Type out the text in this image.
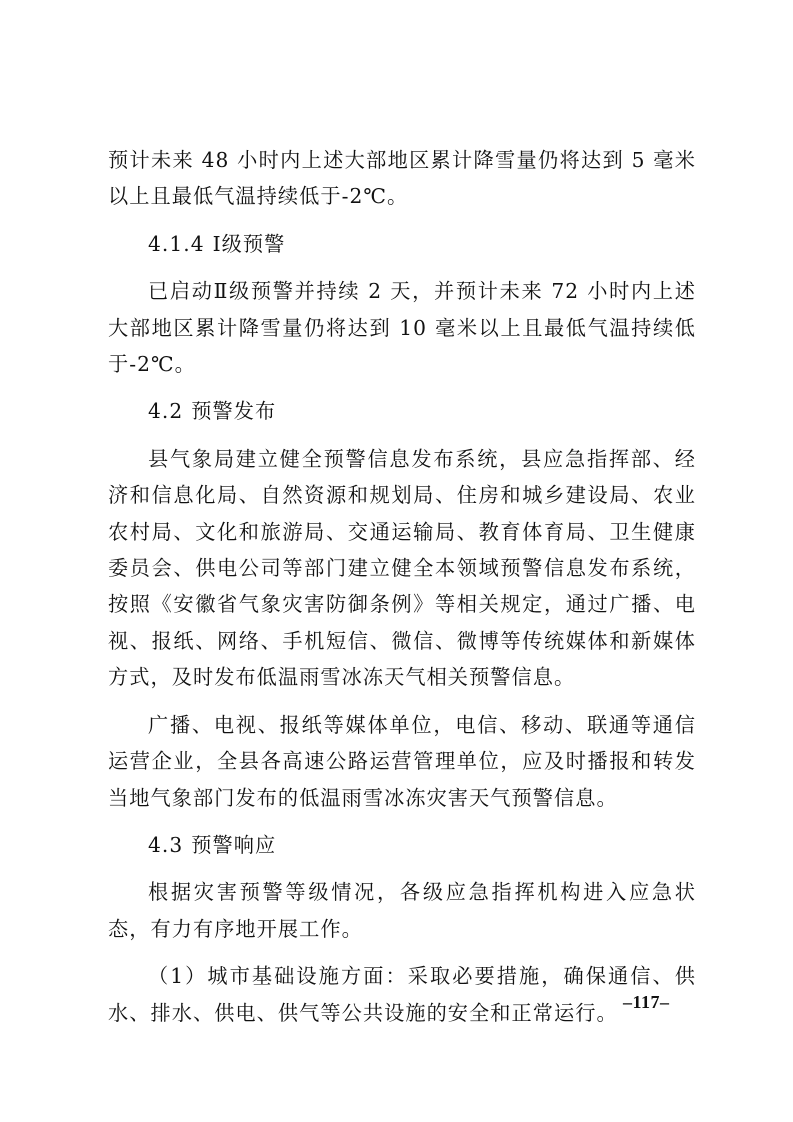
预计未来 48 小时内上述大部地区累计降雪量仍将达到 5 毫米以上且最低气温持续低于-2℃。

4.1.4 Ⅰ级预警

已启动Ⅱ级预警并持续 2 天，并预计未来 72 小时内上述大部地区累计降雪量仍将达到 10 毫米以上且最低气温持续低于-2℃。

4.2 预警发布

县气象局建立健全预警信息发布系统，县应急指挥部、经济和信息化局、自然资源和规划局、住房和城乡建设局、农业农村局、文化和旅游局、交通运输局、教育体育局、卫生健康委员会、供电公司等部门建立健全本领域预警信息发布系统，按照《安徽省气象灾害防御条例》等相关规定，通过广播、电视、报纸、网络、手机短信、微信、微博等传统媒体和新媒体方式，及时发布低温雨雪冰冻天气相关预警信息。

广播、电视、报纸等媒体单位，电信、移动、联通等通信运营企业，全县各高速公路运营管理单位，应及时播报和转发当地气象部门发布的低温雨雪冰冻灾害天气预警信息。

4.3 预警响应

根据灾害预警等级情况，各级应急指挥机构进入应急状态，有力有序地开展工作。

（1）城市基础设施方面：采取必要措施，确保通信、供水、排水、供电、供气等公共设施的安全和正常运行。 –117–
